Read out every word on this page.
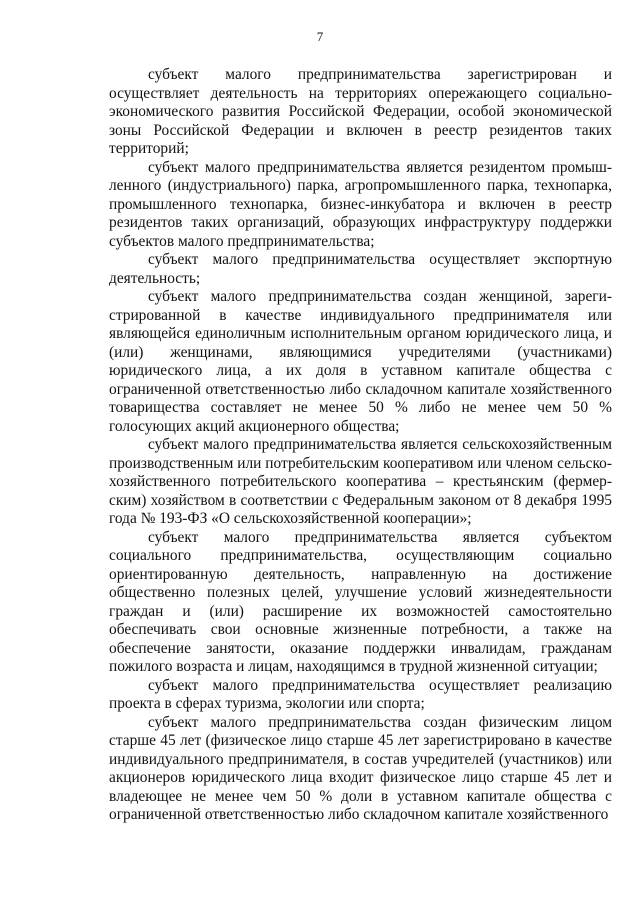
7

субъект малого предпринимательства зарегистрирован и осуществляет деятельность на территориях опережающего социально-экономического развития Российской Федерации, особой экономической зоны Российской Федерации и включен в реестр резидентов таких территорий;

субъект малого предпринимательства является резидентом промышленного (индустриального) парка, агропромышленного парка, технопарка, промышленного технопарка, бизнес-инкубатора и включен в реестр резидентов таких организаций, образующих инфраструктуру поддержки субъектов малого предпринимательства;

субъект малого предпринимательства осуществляет экспортную деятельность;

субъект малого предпринимательства создан женщиной, зарегистрированной в качестве индивидуального предпринимателя или являющейся единоличным исполнительным органом юридического лица, и (или) женщинами, являющимися учредителями (участниками) юридического лица, а их доля в уставном капитале общества с ограниченной ответственностью либо складочном капитале хозяйственного товарищества составляет не менее 50 % либо не менее чем 50 % голосующих акций акционерного общества;

субъект малого предпринимательства является сельскохозяйственным производственным или потребительским кооперативом или членом сельскохозяйственного потребительского кооператива – крестьянским (фермерским) хозяйством в соответствии с Федеральным законом от 8 декабря 1995 года № 193-ФЗ «О сельскохозяйственной кооперации»;

субъект малого предпринимательства является субъектом социального предпринимательства, осуществляющим социально ориентированную деятельность, направленную на достижение общественно полезных целей, улучшение условий жизнедеятельности граждан и (или) расширение их возможностей самостоятельно обеспечивать свои основные жизненные потребности, а также на обеспечение занятости, оказание поддержки инвалидам, гражданам пожилого возраста и лицам, находящимся в трудной жизненной ситуации;

субъект малого предпринимательства осуществляет реализацию проекта в сферах туризма, экологии или спорта;

субъект малого предпринимательства создан физическим лицом старше 45 лет (физическое лицо старше 45 лет зарегистрировано в качестве индивидуального предпринимателя, в состав учредителей (участников) или акционеров юридического лица входит физическое лицо старше 45 лет и владеющее не менее чем 50 % доли в уставном капитале общества с ограниченной ответственностью либо складочном капитале хозяйственного
